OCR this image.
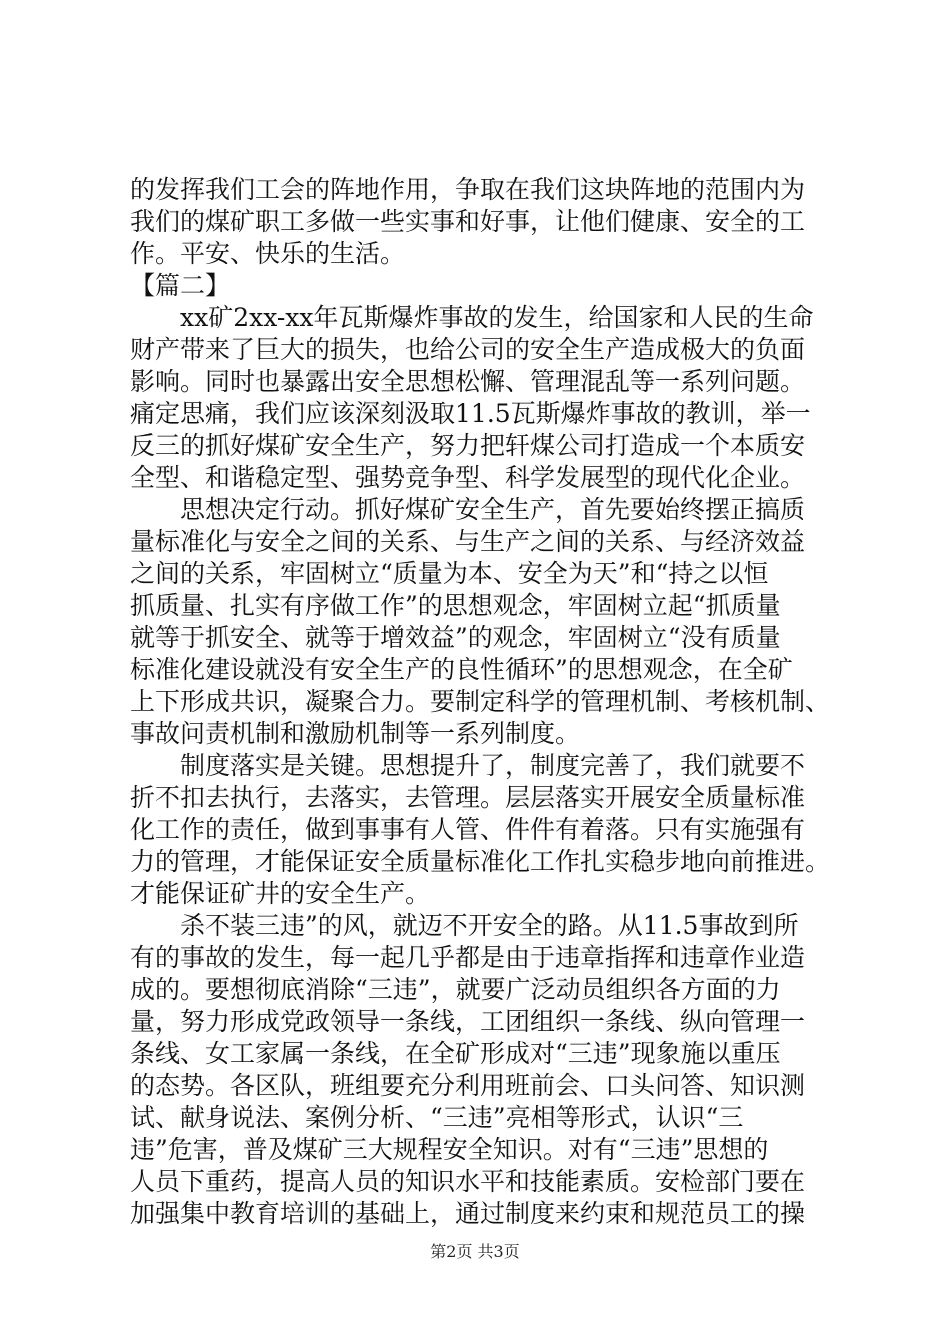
的发挥我们工会的阵地作用，争取在我们这块阵地的范围内为
我们的煤矿职工多做一些实事和好事，让他们健康、安全的工
作。平安、快乐的生活。
【篇二】
　　xx矿2xx-xx年瓦斯爆炸事故的发生，给国家和人民的生命
财产带来了巨大的损失，也给公司的安全生产造成极大的负面
影响。同时也暴露出安全思想松懈、管理混乱等一系列问题。
痛定思痛，我们应该深刻汲取11.5瓦斯爆炸事故的教训，举一
反三的抓好煤矿安全生产，努力把轩煤公司打造成一个本质安
全型、和谐稳定型、强势竞争型、科学发展型的现代化企业。
　　思想决定行动。抓好煤矿安全生产，首先要始终摆正搞质
量标准化与安全之间的关系、与生产之间的关系、与经济效益
之间的关系，牢固树立“质量为本、安全为天”和“持之以恒
抓质量、扎实有序做工作”的思想观念，牢固树立起“抓质量
就等于抓安全、就等于增效益”的观念，牢固树立“没有质量
标准化建设就没有安全生产的良性循环”的思想观念，在全矿
上下形成共识，凝聚合力。要制定科学的管理机制、考核机制、
事故问责机制和激励机制等一系列制度。
　　制度落实是关键。思想提升了，制度完善了，我们就要不
折不扣去执行，去落实，去管理。层层落实开展安全质量标准
化工作的责任，做到事事有人管、件件有着落。只有实施强有
力的管理，才能保证安全质量标准化工作扎实稳步地向前推进。
才能保证矿井的安全生产。
　　杀不装三违”的风，就迈不开安全的路。从11.5事故到所
有的事故的发生，每一起几乎都是由于违章指挥和违章作业造
成的。要想彻底消除“三违”，就要广泛动员组织各方面的力
量，努力形成党政领导一条线，工团组织一条线、纵向管理一
条线、女工家属一条线，在全矿形成对“三违”现象施以重压
的态势。各区队，班组要充分利用班前会、口头问答、知识测
试、献身说法、案例分析、“三违”亮相等形式，认识“三
违”危害，普及煤矿三大规程安全知识。对有“三违”思想的
人员下重药，提高人员的知识水平和技能素质。安检部门要在
加强集中教育培训的基础上，通过制度来约束和规范员工的操
第2页 共3页
